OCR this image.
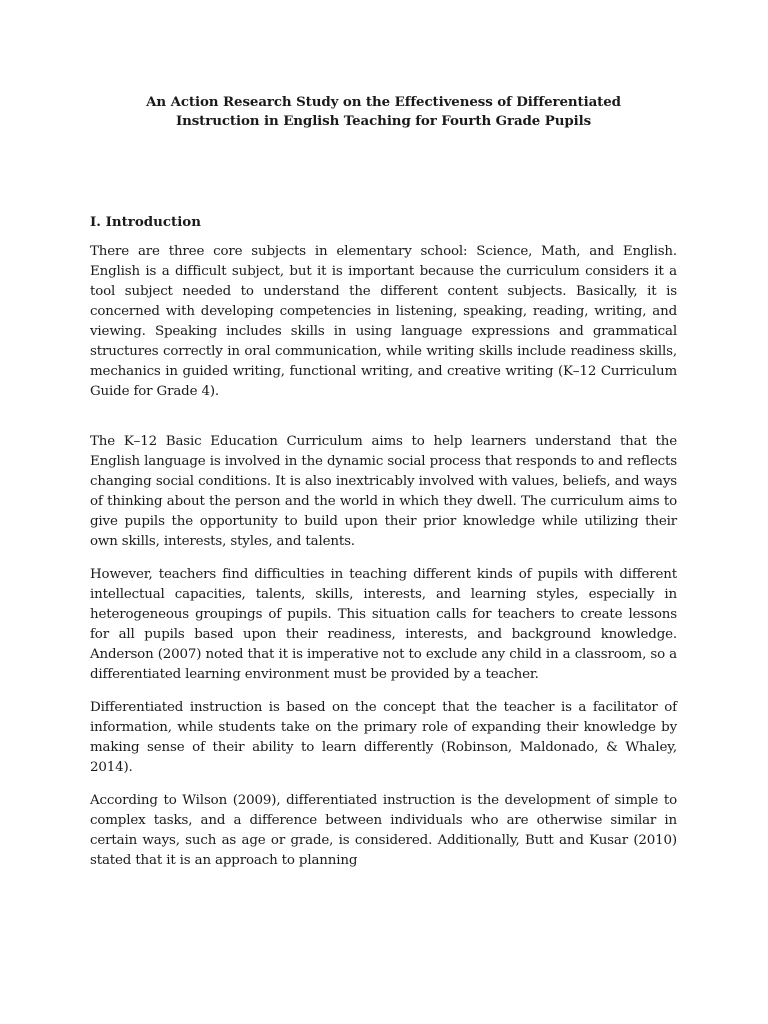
An Action Research Study on the Effectiveness of Differentiated
Instruction in English Teaching for Fourth Grade Pupils
I. Introduction

There are three core subjects in elementary school: Science, Math, and English. English is a difficult subject, but it is important because the curriculum considers it a tool subject needed to understand the different content subjects. Basically, it is concerned with developing competencies in listening, speaking, reading, writing, and viewing. Speaking includes skills in using language expressions and grammatical structures correctly in oral communication, while writing skills include readiness skills, mechanics in guided writing, functional writing, and creative writing (K–12 Curriculum Guide for Grade 4).

The K–12 Basic Education Curriculum aims to help learners understand that the English language is involved in the dynamic social process that responds to and reflects changing social conditions. It is also inextricably involved with values, beliefs, and ways of thinking about the person and the world in which they dwell. The curriculum aims to give pupils the opportunity to build upon their prior knowledge while utilizing their own skills, interests, styles, and talents.

However, teachers find difficulties in teaching different kinds of pupils with different intellectual capacities, talents, skills, interests, and learning styles, especially in heterogeneous groupings of pupils. This situation calls for teachers to create lessons for all pupils based upon their readiness, interests, and background knowledge. Anderson (2007) noted that it is imperative not to exclude any child in a classroom, so a differentiated learning environment must be provided by a teacher.

Differentiated instruction is based on the concept that the teacher is a facilitator of information, while students take on the primary role of expanding their knowledge by making sense of their ability to learn differently (Robinson, Maldonado, & Whaley, 2014).

According to Wilson (2009), differentiated instruction is the development of simple to complex tasks, and a difference between individuals who are otherwise similar in certain ways, such as age or grade, is considered. Additionally, Butt and Kusar (2010) stated that it is an approach to planning
